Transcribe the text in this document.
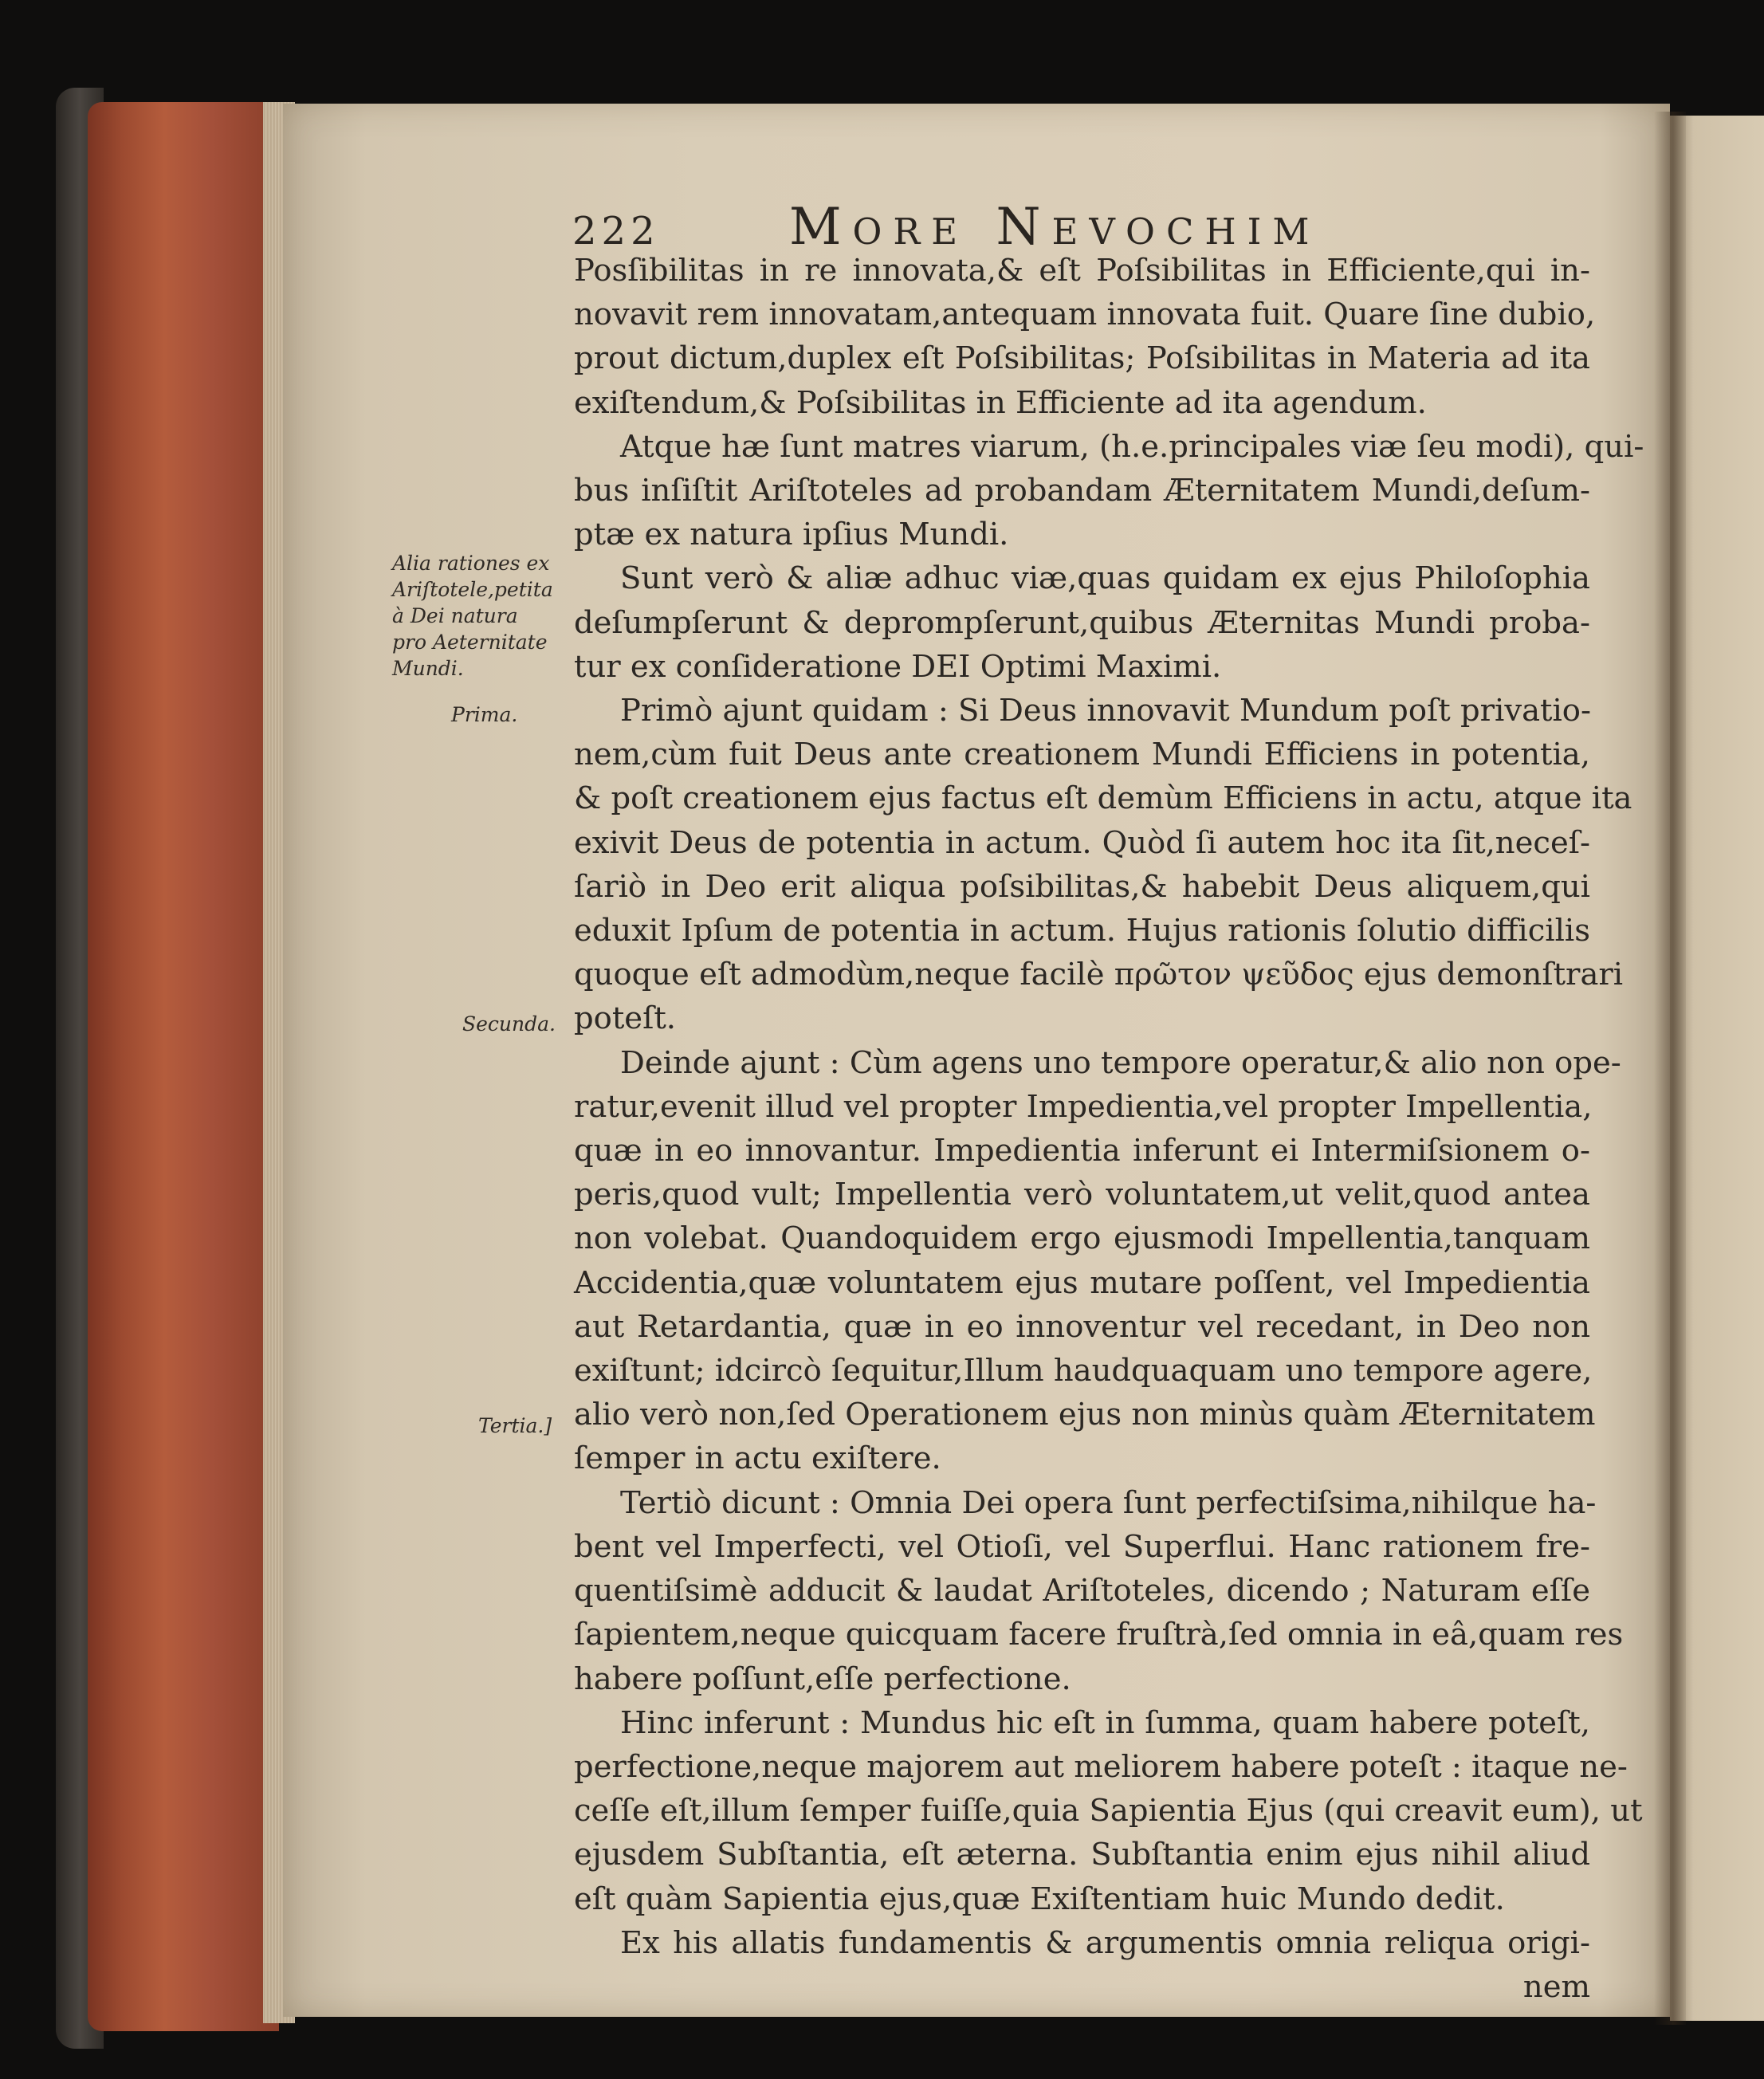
222	More Nevochim
Alia rationes ex
Ariſtotele,petita
à Dei natura
pro Aeternitate
Mundi.
Prima.
Secunda.
Tertia.]

Posſibilitas in re innovata,& eſt Poſsibilitas in Efficiente,qui in-
novavit rem innovatam,antequam innovata fuit. Quare ſine dubio,
prout dictum,duplex eſt Poſsibilitas; Poſsibilitas in Materia ad ita
exiſtendum,& Poſsibilitas in Efficiente ad ita agendum.

Atque hæ ſunt matres viarum, (h.e.principales viæ ſeu modi), qui-
bus inſiſtit Ariſtoteles ad probandam Æternitatem Mundi,deſum-
ptæ ex natura ipſius Mundi.

Sunt verò & aliæ adhuc viæ,quas quidam ex ejus Philoſophia
deſumpſerunt & deprompſerunt,quibus Æternitas Mundi proba-
tur ex conſideratione DEI Optimi Maximi.

Primò ajunt quidam : Si Deus innovavit Mundum poſt privatio-
nem,cùm fuit Deus ante creationem Mundi Efficiens in potentia,
& poſt creationem ejus factus eſt demùm Efficiens in actu, atque ita
exivit Deus de potentia in actum. Quòd ſi autem hoc ita ſit,neceſ-
ſariò in Deo erit aliqua poſsibilitas,& habebit Deus aliquem,qui
eduxit Ipſum de potentia in actum. Hujus rationis ſolutio difficilis
quoque eſt admodùm,neque facilè πρῶτον ψεῦδος ejus demonſtrari
poteſt.

Deinde ajunt : Cùm agens uno tempore operatur,& alio non ope-
ratur,evenit illud vel propter Impedientia,vel propter Impellentia,
quæ in eo innovantur. Impedientia inferunt ei Intermiſsionem o-
peris,quod vult; Impellentia verò voluntatem,ut velit,quod antea
non volebat. Quandoquidem ergo ejusmodi Impellentia,tanquam
Accidentia,quæ voluntatem ejus mutare poſſent, vel Impedientia
aut Retardantia, quæ in eo innoventur vel recedant, in Deo non
exiſtunt; idcircò ſequitur,Illum haudquaquam uno tempore agere,
alio verò non,ſed Operationem ejus non minùs quàm Æternitatem
ſemper in actu exiſtere.

Tertiò dicunt : Omnia Dei opera ſunt perfectiſsima,nihilque ha-
bent vel Imperfecti, vel Otioſi, vel Superflui. Hanc rationem fre-
quentiſsimè adducit & laudat Ariſtoteles, dicendo ; Naturam eſſe
ſapientem,neque quicquam facere fruſtrà,ſed omnia in eâ,quam res
habere poſſunt,eſſe perfectione.

Hinc inferunt : Mundus hic eſt in ſumma, quam habere poteſt,
perfectione,neque majorem aut meliorem habere poteſt : itaque ne-
ceſſe eſt,illum ſemper fuiſſe,quia Sapientia Ejus (qui creavit eum), ut
ejusdem Subſtantia, eſt æterna. Subſtantia enim ejus nihil aliud
eſt quàm Sapientia ejus,quæ Exiſtentiam huic Mundo dedit.

Ex his allatis fundamentis & argumentis omnia reliqua origi-
nem
